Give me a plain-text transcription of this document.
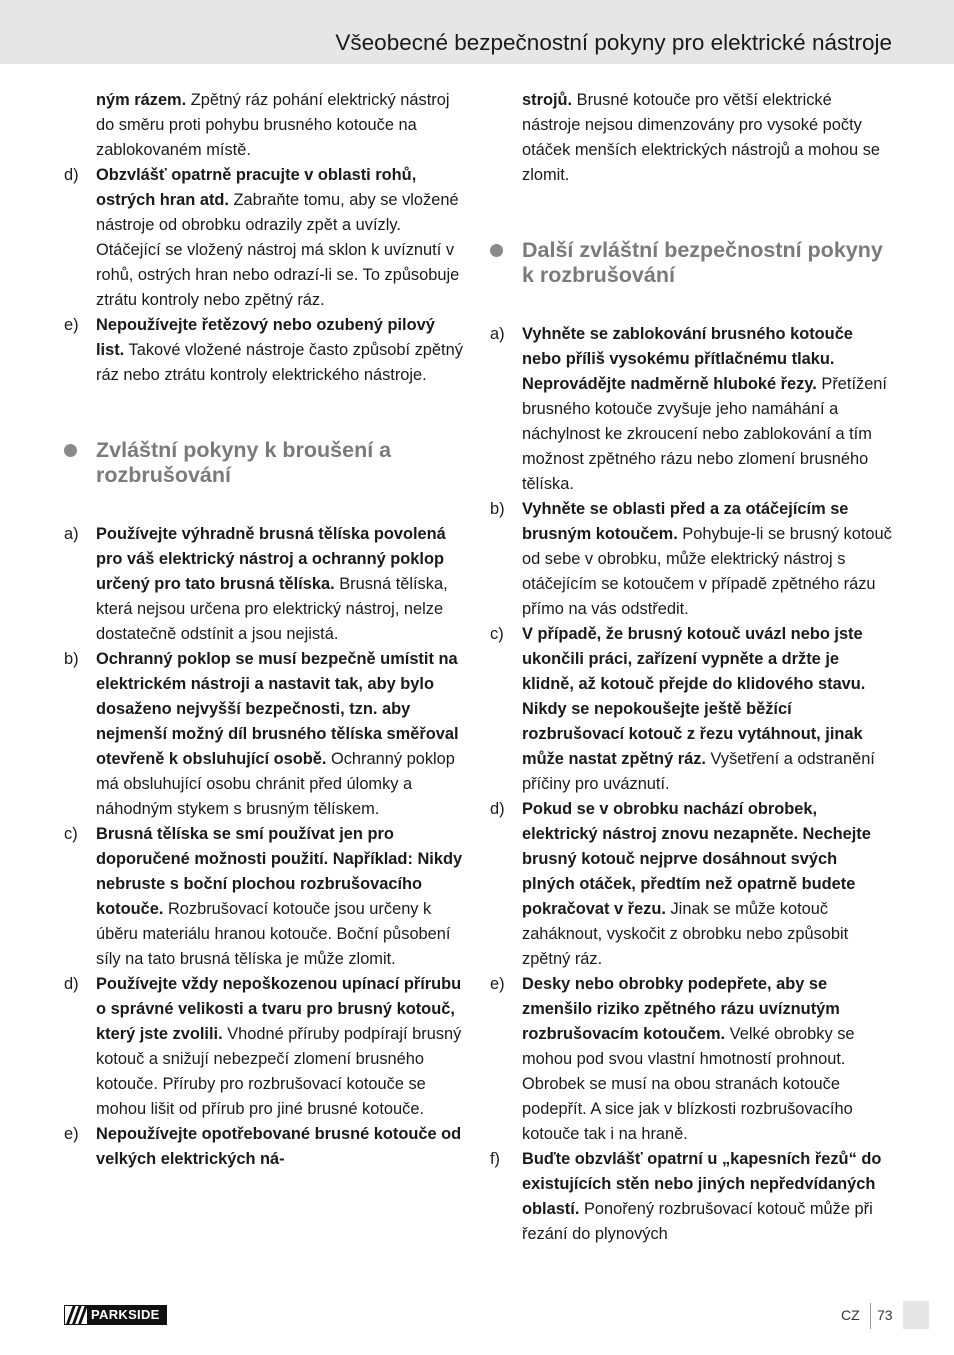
Všeobecné bezpečnostní pokyny pro elektrické nástroje

ným rázem. Zpětný ráz pohání elektrický nástroj do směru proti pohybu brusného kotouče na zablokovaném místě.

d) Obzvlášť opatrně pracujte v oblasti rohů, ostrých hran atd. Zabraňte tomu, aby se vložené nástroje od obrobku odrazily zpět a uvízly. Otáčející se vložený nástroj má sklon k uvíznutí v rohů, ostrých hran nebo odrazí-li se. To způsobuje ztrátu kontroly nebo zpětný ráz.

e) Nepoužívejte řetězový nebo ozubený pilový list. Takové vložené nástroje často způsobí zpětný ráz nebo ztrátu kontroly elektrického nástroje.

Zvláštní pokyny k broušení a rozbrušování

a) Používejte výhradně brusná tělíska povolená pro váš elektrický nástroj a ochranný poklop určený pro tato brusná tělíska. Brusná tělíska, která nejsou určena pro elektrický nástroj, nelze dostatečně odstínit a jsou nejistá.

b) Ochranný poklop se musí bezpečně umístit na elektrickém nástroji a nastavit tak, aby bylo dosaženo nejvyšší bezpečnosti, tzn. aby nejmenší možný díl brusného tělíska směřoval otevřeně k obsluhující osobě. Ochranný poklop má obsluhující osobu chránit před úlomky a náhodným stykem s brusným tělískem.

c) Brusná tělíska se smí používat jen pro doporučené možnosti použití. Například: Nikdy nebruste s boční plochou rozbrušovacího kotouče. Rozbrušovací kotouče jsou určeny k úběru materiálu hranou kotouče. Boční působení síly na tato brusná tělíska je může zlomit.

d) Používejte vždy nepoškozenou upínací přírubu o správné velikosti a tvaru pro brusný kotouč, který jste zvolili. Vhodné příruby podpírají brusný kotouč a snižují nebezpečí zlomení brusného kotouče. Příruby pro rozbrušovací kotouče se mohou lišit od přírub pro jiné brusné kotouče.

e) Nepoužívejte opotřebované brusné kotouče od velkých elektrických ná-

strojů. Brusné kotouče pro větší elektrické nástroje nejsou dimenzovány pro vysoké počty otáček menších elektrických nástrojů a mohou se zlomit.

Další zvláštní bezpečnostní pokyny k rozbrušování

a) Vyhněte se zablokování brusného kotouče nebo příliš vysokému přítlačnému tlaku. Neprovádějte nadměrně hluboké řezy. Přetížení brusného kotouče zvyšuje jeho namáhání a náchylnost ke zkroucení nebo zablokování a tím možnost zpětného rázu nebo zlomení brusného tělíska.

b) Vyhněte se oblasti před a za otáčejícím se brusným kotoučem. Pohybuje-li se brusný kotouč od sebe v obrobku, může elektrický nástroj s otáčejícím se kotoučem v případě zpětného rázu přímo na vás odstředit.

c) V případě, že brusný kotouč uvázl nebo jste ukončili práci, zařízení vypněte a držte je klidně, až kotouč přejde do klidového stavu. Nikdy se nepokoušejte ještě běžící rozbrušovací kotouč z řezu vytáhnout, jinak může nastat zpětný ráz. Vyšetření a odstranění příčiny pro uváznutí.

d) Pokud se v obrobku nachází obrobek, elektrický nástroj znovu nezapněte. Nechejte brusný kotouč nejprve dosáhnout svých plných otáček, předtím než opatrně budete pokračovat v řezu. Jinak se může kotouč zaháknout, vyskočit z obrobku nebo způsobit zpětný ráz.

e) Desky nebo obrobky podepřete, aby se zmenšilo riziko zpětného rázu uvíznutým rozbrušovacím kotoučem. Velké obrobky se mohou pod svou vlastní hmotností prohnout. Obrobek se musí na obou stranách kotouče podepřít. A sice jak v blízkosti rozbrušovacího kotouče tak i na hraně.

f) Buďte obzvlášť opatrní u „kapesních řezů“ do existujících stěn nebo jiných nepředvídaných oblastí. Ponořený rozbrušovací kotouč může při řezání do plynových

PARKSIDE	CZ 73
